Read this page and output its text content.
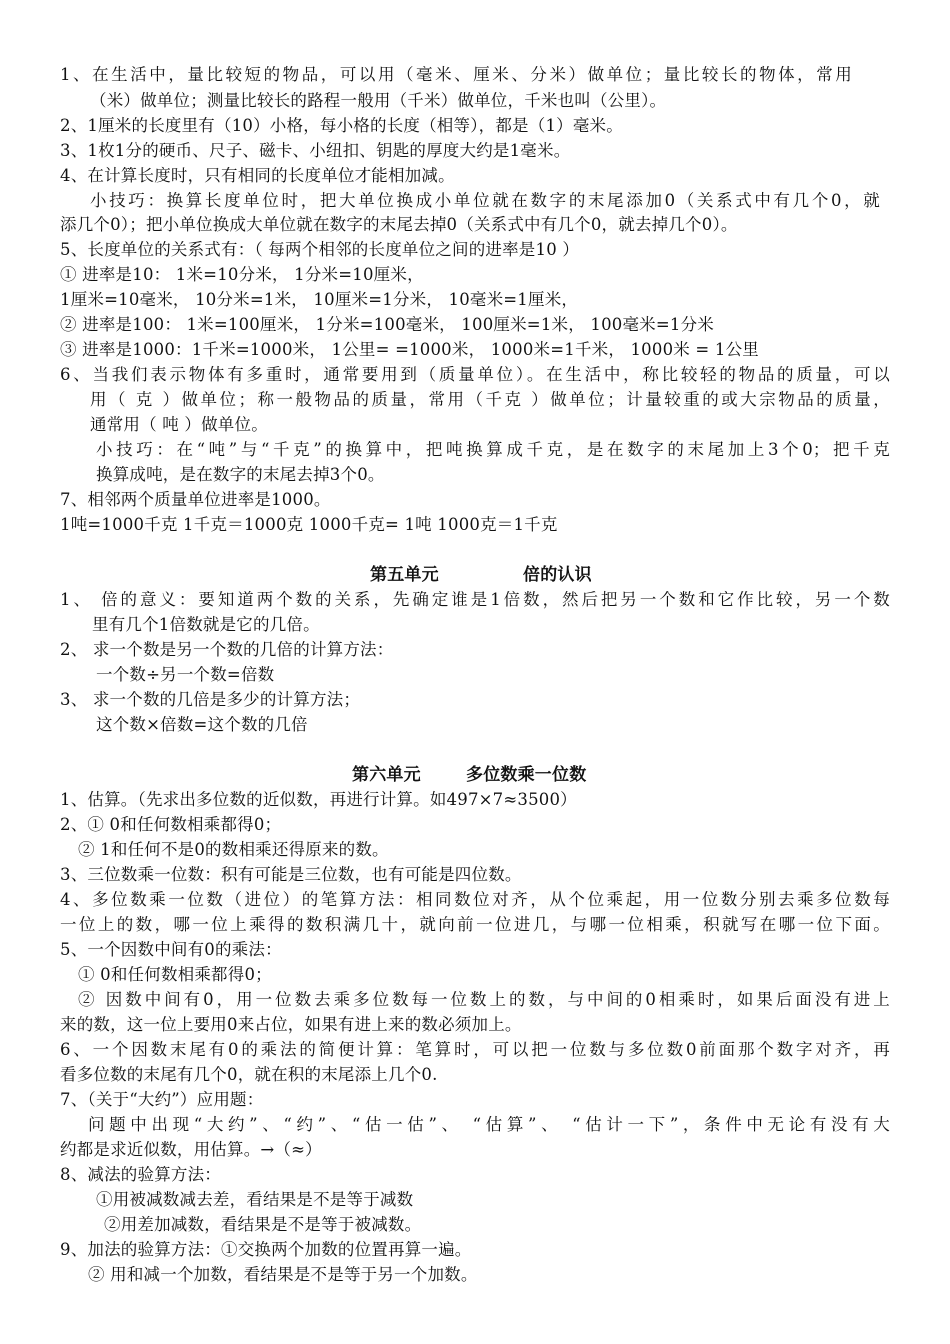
1、在生活中，量比较短的物品，可以用（毫米、厘米、分米）做单位；量比较长的物体，常用
（米）做单位；测量比较长的路程一般用（千米）做单位，千米也叫（公里）。
2、1厘米的长度里有（10）小格，每小格的长度（相等），都是（1）毫米。
3、1枚1分的硬币、尺子、磁卡、小纽扣、钥匙的厚度大约是1毫米。
4、在计算长度时，只有相同的长度单位才能相加减。
小技巧：换算长度单位时，把大单位换成小单位就在数字的末尾添加0（关系式中有几个0，就
添几个0）；把小单位换成大单位就在数字的末尾去掉0（关系式中有几个0，就去掉几个0）。
5、长度单位的关系式有：（ 每两个相邻的长度单位之间的进率是10 ）
① 进率是10： 1米=10分米， 1分米=10厘米，
1厘米=10毫米， 10分米=1米， 10厘米=1分米， 10毫米=1厘米，
② 进率是100： 1米=100厘米， 1分米=100毫米， 100厘米=1米， 100毫米=1分米
③ 进率是1000：1千米=1000米， 1公里= =1000米， 1000米=1千米， 1000米 = 1公里
6、当我们表示物体有多重时，通常要用到（质量单位）。在生活中，称比较轻的物品的质量，可以
用（ 克 ）做单位；称一般物品的质量，常用（千克 ）做单位；计量较重的或大宗物品的质量，
通常用（ 吨 ）做单位。
小技巧：在“吨”与“千克”的换算中，把吨换算成千克，是在数字的末尾加上3个0；把千克
换算成吨，是在数字的末尾去掉3个0。
7、相邻两个质量单位进率是1000。
1吨=1000千克 1千克＝1000克 1000千克= 1吨 1000克＝1千克
第五单元	倍的认识
1、 倍的意义：要知道两个数的关系，先确定谁是1倍数，然后把另一个数和它作比较，另一个数
里有几个1倍数就是它的几倍。
2、 求一个数是另一个数的几倍的计算方法：
一个数÷另一个数=倍数
3、 求一个数的几倍是多少的计算方法；
这个数×倍数=这个数的几倍
第六单元	多位数乘一位数
1、估算。（先求出多位数的近似数，再进行计算。如497×7≈3500）
2、① 0和任何数相乘都得0；
② 1和任何不是0的数相乘还得原来的数。
3、三位数乘一位数：积有可能是三位数，也有可能是四位数。
4、多位数乘一位数（进位）的笔算方法：相同数位对齐，从个位乘起，用一位数分别去乘多位数每
一位上的数，哪一位上乘得的数积满几十，就向前一位进几，与哪一位相乘，积就写在哪一位下面。
5、一个因数中间有0的乘法：
① 0和任何数相乘都得0；
② 因数中间有0，用一位数去乘多位数每一位数上的数，与中间的0相乘时，如果后面没有进上
来的数，这一位上要用0来占位，如果有进上来的数必须加上。
6、一个因数末尾有0的乘法的简便计算：笔算时，可以把一位数与多位数0前面那个数字对齐，再
看多位数的末尾有几个0，就在积的末尾添上几个0.
7、（关于“大约”）应用题：
问题中出现“大约”、“约”、“估一估”、 “估算”、 “估计一下”，条件中无论有没有大
约都是求近似数，用估算。→（≈）
8、减法的验算方法：
①用被减数减去差，看结果是不是等于减数
②用差加减数，看结果是不是等于被减数。
9、加法的验算方法：①交换两个加数的位置再算一遍。
② 用和减一个加数，看结果是不是等于另一个加数。
